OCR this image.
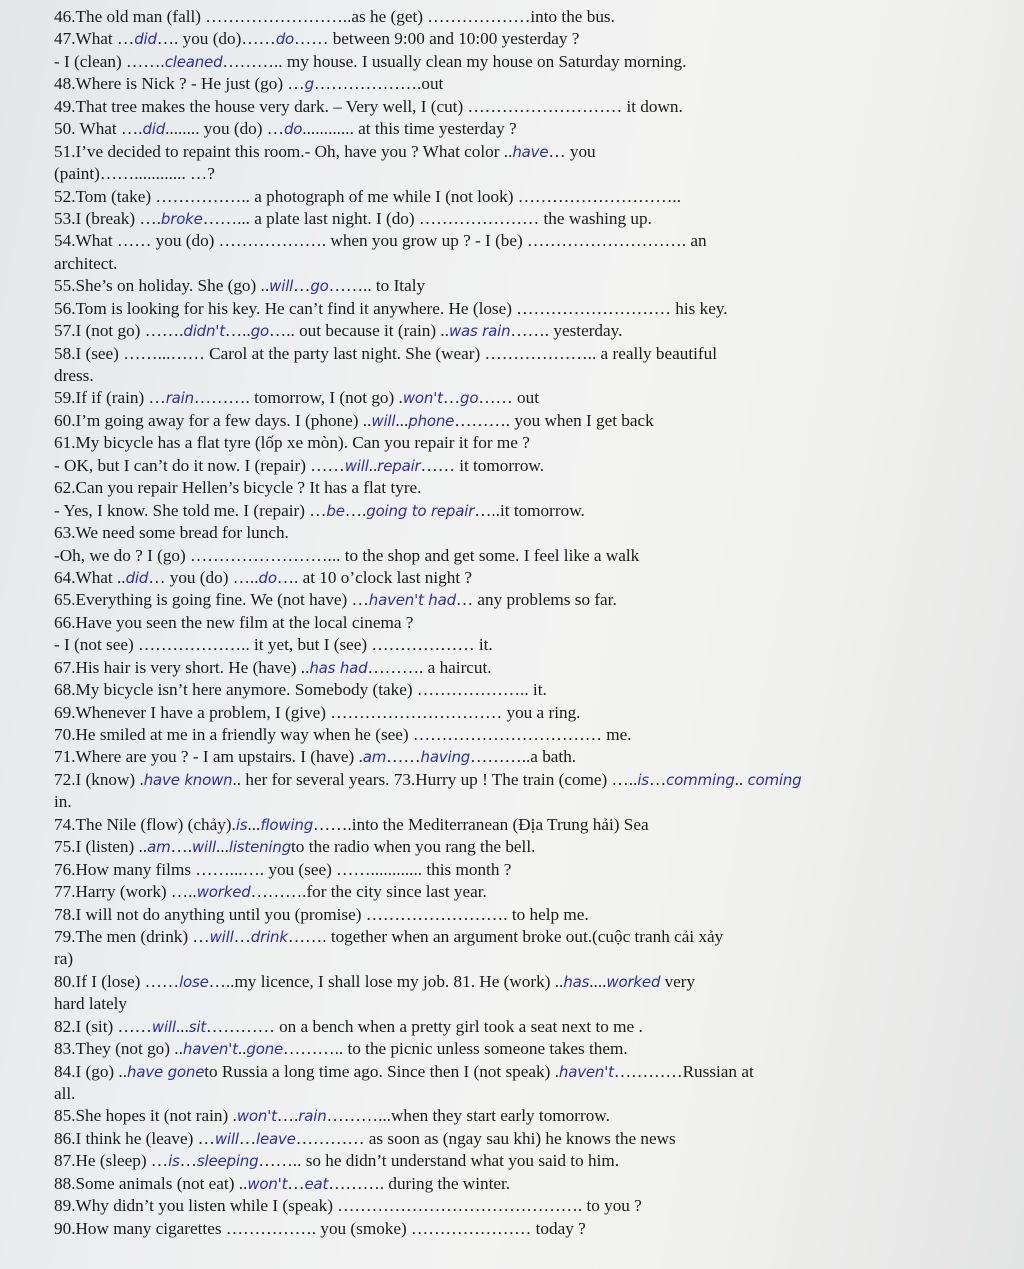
46.The old man (fall) ……………………..as he (get) ………………into the bus.
47.What …did…. you (do)……do…… between 9:00 and 10:00 yesterday ?
- I (clean) …….cleaned……….. my house. I usually clean my house on Saturday morning.
48.Where is Nick ? - He just (go) …g……………….out
49.That tree makes the house very dark. – Very well, I (cut) ……………………… it down.
50. What ….did........ you (do) …do............ at this time yesterday ?
51.I’ve decided to repaint this room.- Oh, have you ? What color ..have… you
(paint)……............ …?
52.Tom (take) …………….. a photograph of me while I (not look) ………………………..
53.I (break) ….broke……... a plate last night. I (do) ………………… the washing up.
54.What …… you (do) ………………. when you grow up ? - I (be) ………………………. an
architect.
55.She’s on holiday. She (go) ..will…go…….. to Italy
56.Tom is looking for his key. He can’t find it anywhere. He (lose) ……………………… his key.
57.I (not go) …….didn't…..go….. out because it (rain) ..was rain……. yesterday.
58.I (see) ……...…… Carol at the party last night. She (wear) ……………….. a really beautiful
dress.
59.If if (rain) …rain………. tomorrow, I (not go) .won't…go…… out
60.I’m going away for a few days. I (phone) ..will...phone………. you when I get back
61.My bicycle has a flat tyre (lốp xe mòn). Can you repair it for me ?
- OK, but I can’t do it now. I (repair) ……will..repair…… it tomorrow.
62.Can you repair Hellen’s bicycle ? It has a flat tyre.
- Yes, I know. She told me. I (repair) …be….going to repair…..it tomorrow.
63.We need some bread for lunch.
-Oh, we do ? I (go) ……………………... to the shop and get some. I feel like a walk
64.What ..did… you (do) …..do…. at 10 o’clock last night ?
65.Everything is going fine. We (not have) …haven't had… any problems so far.
66.Have you seen the new film at the local cinema ?
- I (not see) ……………….. it yet, but I (see) ……………… it.
67.His hair is very short. He (have) ..has had………. a haircut.
68.My bicycle isn’t here anymore. Somebody (take) ……………….. it.
69.Whenever I have a problem, I (give) ………………………… you a ring.
70.He smiled at me in a friendly way when he (see) …………………………… me.
71.Where are you ? - I am upstairs. I (have) .am……having………..a bath.
72.I (know) .have known.. her for several years. 73.Hurry up ! The train (come) …..is…comming.. coming
in.
74.The Nile (flow) (chảy).is...flowing…….into the Mediterranean (Địa Trung hải) Sea
75.I (listen) ..am….will...listeningto the radio when you rang the bell.
76.How many films ……...…. you (see) ……............ this month ?
77.Harry (work) …..worked……….for the city since last year.
78.I will not do anything until you (promise) ……………………. to help me.
79.The men (drink) …will…drink……. together when an argument broke out.(cuộc tranh cải xảy
ra)
80.If I (lose) ……lose…..my licence, I shall lose my job. 81. He (work) ..has....worked very
hard lately
82.I (sit) ……will...sit………… on a bench when a pretty girl took a seat next to me .
83.They (not go) ..haven't..gone……….. to the picnic unless someone takes them.
84.I (go) ..have goneto Russia a long time ago. Since then I (not speak) .haven't…………Russian at
all.
85.She hopes it (not rain) .won't….rain………...when they start early tomorrow.
86.I think he (leave) …will…leave………… as soon as (ngay sau khi) he knows the news
87.He (sleep) …is…sleeping…….. so he didn’t understand what you said to him.
88.Some animals (not eat) ..won't…eat………. during the winter.
89.Why didn’t you listen while I (speak) ……………………………………. to you ?
90.How many cigarettes ……………. you (smoke) ………………… today ?
